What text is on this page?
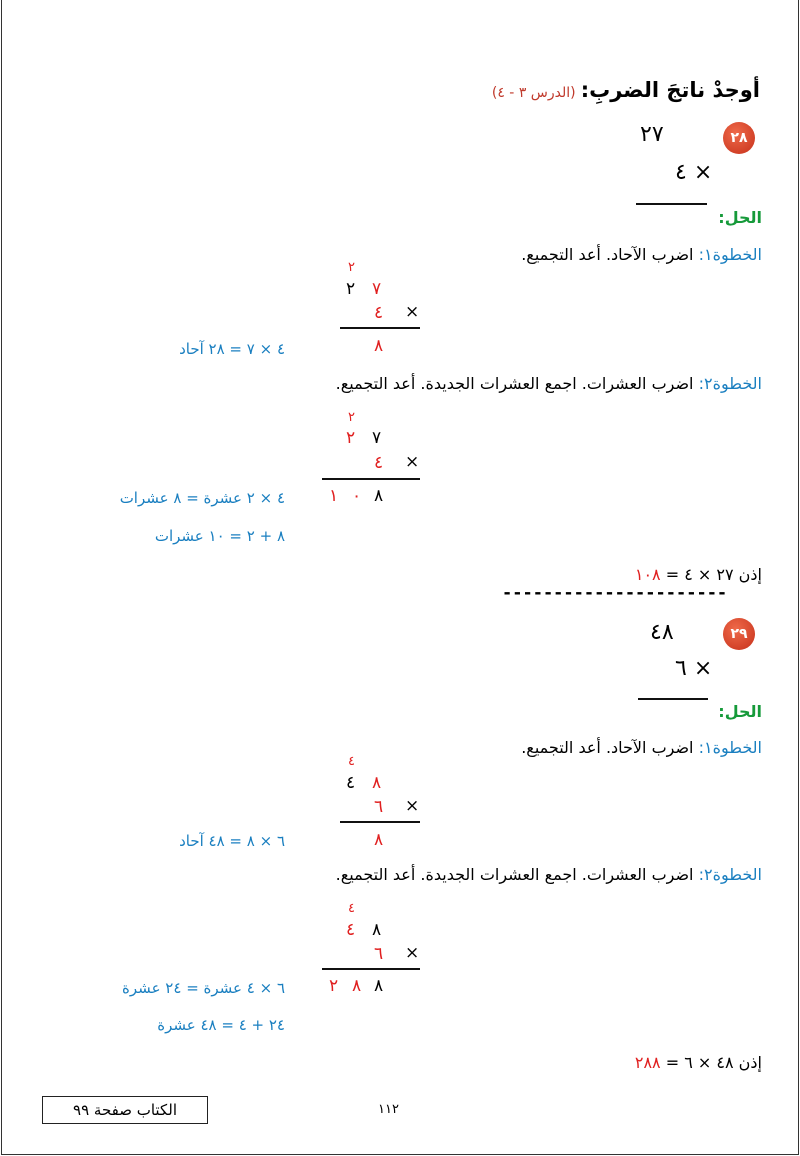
أوجدْ ناتجَ الضربِ: (الدرس ٣ - ٤)
٢٨
٢٧
٤ ×
الحل:
الخطوة١: اضرب الآحاد. أعد التجميع.
٢
٢ ٧
٤ ×
٨
٤ × ٧ = ٢٨ آحاد
الخطوة٢: اضرب العشرات. اجمع العشرات الجديدة. أعد التجميع.
٢
٢ ٧
٤ ×
١ ٠ ٨
٤ × ٢ عشرة = ٨ عشرات
٨ + ٢ = ١٠ عشرات
إذن ٢٧ × ٤ = ١٠٨
----------------------
٢٩
٤٨
٦ ×
الحل:
الخطوة١: اضرب الآحاد. أعد التجميع.
٤
٤ ٨
٦ ×
٨
٦ × ٨ = ٤٨ آحاد
الخطوة٢: اضرب العشرات. اجمع العشرات الجديدة. أعد التجميع.
٤
٤ ٨
٦ ×
٢ ٨ ٨
٦ × ٤ عشرة = ٢٤ عشرة
٢٤ + ٤ = ٤٨ عشرة
إذن ٤٨ × ٦ = ٢٨٨
الكتاب صفحة ٩٩	١١٢
